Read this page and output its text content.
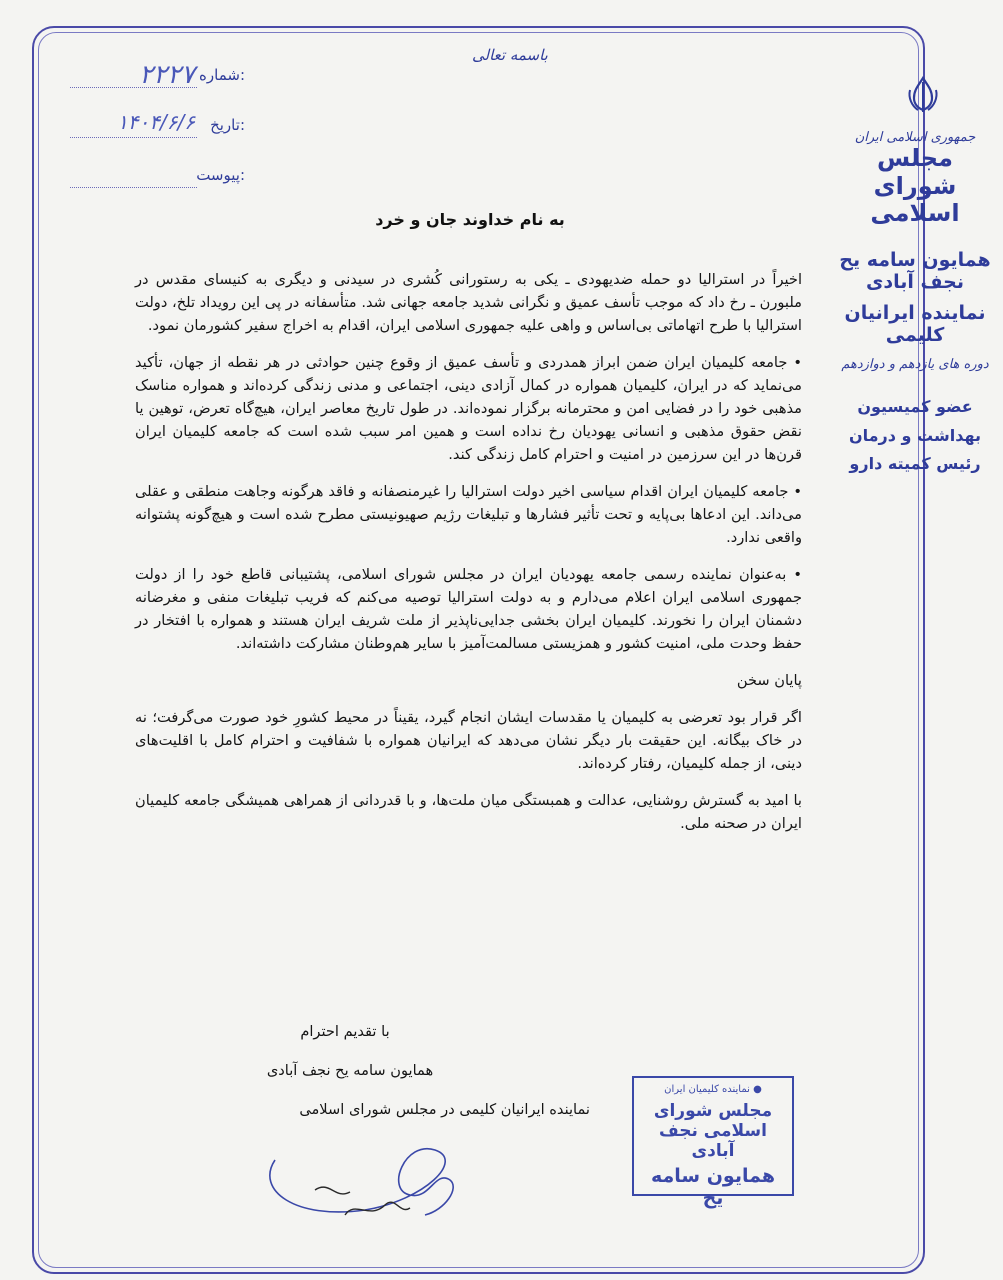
باسمه تعالی
شماره:
۲۲۲۷
تاریخ:
۱۴۰۴/۶/۶
پیوست:
جمهوری اسلامی ایران
مجلس شورای اسلامی
همایون سامه یح نجف آبادی
نماینده ایرانیان کلیمی
دوره های یازدهم و دوازدهم
عضو کمیسیون
بهداشت و درمان
رئیس کمیته دارو
به نام خداوند جان و خرد

اخیراً در استرالیا دو حمله ضدیهودی ـ یکی به رستورانی کُشری در سیدنی و دیگری به کنیسای مقدس در ملبورن ـ رخ داد که موجب تأسف عمیق و نگرانی شدید جامعه جهانی شد. متأسفانه در پی این رویداد تلخ، دولت استرالیا با طرح اتهاماتی بی‌اساس و واهی علیه جمهوری اسلامی ایران، اقدام به اخراج سفیر کشورمان نمود.

• جامعه کلیمیان ایران ضمن ابراز همدردی و تأسف عمیق از وقوع چنین حوادثی در هر نقطه از جهان، تأکید می‌نماید که در ایران، کلیمیان همواره در کمال آزادی دینی، اجتماعی و مدنی زندگی کرده‌اند و همواره مناسک مذهبی خود را در فضایی امن و محترمانه برگزار نموده‌اند. در طول تاریخ معاصر ایران، هیچ‌گاه تعرض، توهین یا نقض حقوق مذهبی و انسانی یهودیان رخ نداده است و همین امر سبب شده است که جامعه کلیمیان ایران قرن‌ها در این سرزمین در امنیت و احترام کامل زندگی کند.

• جامعه کلیمیان ایران اقدام سیاسی اخیر دولت استرالیا را غیرمنصفانه و فاقد هرگونه وجاهت منطقی و عقلی می‌داند. این ادعاها بی‌پایه و تحت تأثیر فشارها و تبلیغات رژیم صهیونیستی مطرح شده است و هیچ‌گونه پشتوانه واقعی ندارد.

• به‌عنوان نماینده رسمی جامعه یهودیان ایران در مجلس شورای اسلامی، پشتیبانی قاطع خود را از دولت جمهوری اسلامی ایران اعلام می‌دارم و به دولت استرالیا توصیه می‌کنم که فریب تبلیغات منفی و مغرضانه دشمنان ایران را نخورند. کلیمیان ایران بخشی جدایی‌ناپذیر از ملت شریف ایران هستند و همواره با افتخار در حفظ وحدت ملی، امنیت کشور و همزیستی مسالمت‌آمیز با سایر هم‌وطنان مشارکت داشته‌اند.

پایان سخن

اگر قرار بود تعرضی به کلیمیان یا مقدسات ایشان انجام گیرد، یقیناً در محیط کشورِ خود صورت می‌گرفت؛ نه در خاک بیگانه. این حقیقت بار دیگر نشان می‌دهد که ایرانیان همواره با شفافیت و احترام کامل با اقلیت‌های دینی، از جمله کلیمیان، رفتار کرده‌اند.

با امید به گسترش روشنایی، عدالت و همبستگی میان ملت‌ها، و با قدردانی از همراهی همیشگی جامعه کلیمیان ایران در صحنه ملی.

با تقدیم احترام
همایون سامه یح نجف آبادی
نماینده ایرانیان کلیمی در مجلس شورای اسلامی
● نماینده کلیمیان ایران
مجلس شورای اسلامی نجف آبادی
همایون سامه یح
